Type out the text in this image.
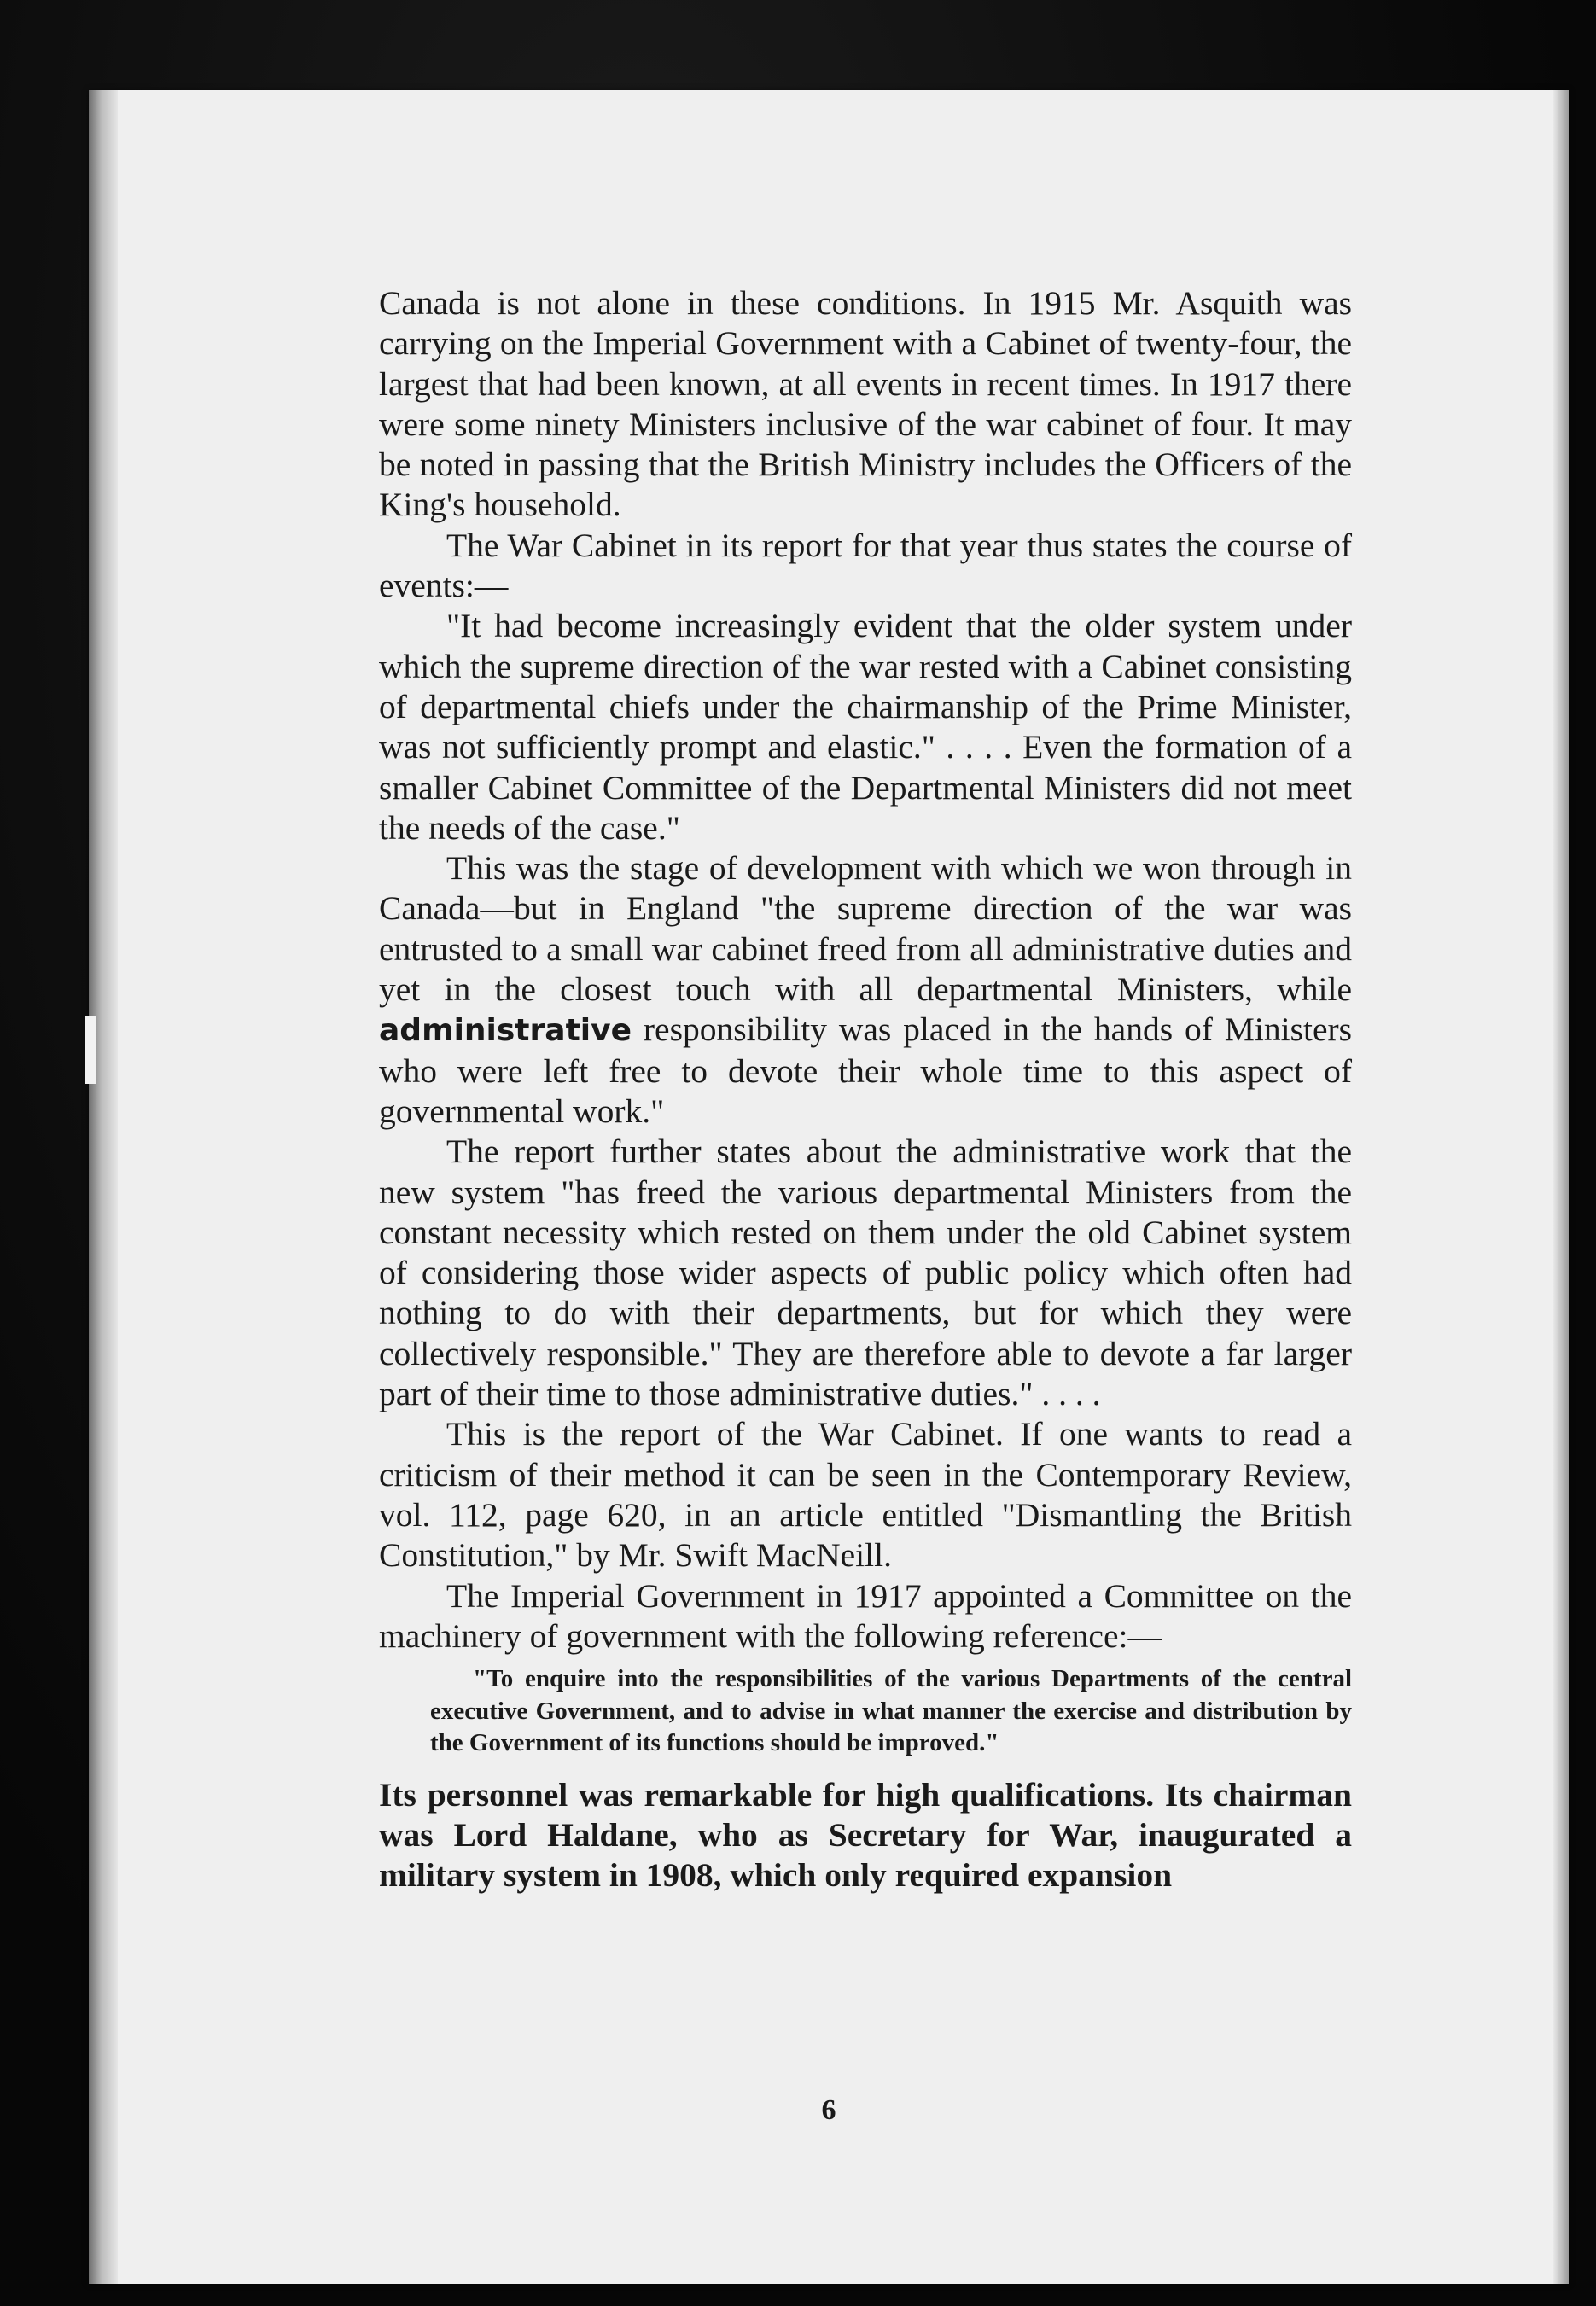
Canada is not alone in these conditions. In 1915 Mr. Asquith was carrying on the Imperial Government with a Cabinet of twenty-four, the largest that had been known, at all events in recent times. In 1917 there were some ninety Ministers inclusive of the war cabinet of four. It may be noted in passing that the British Ministry includes the Officers of the King's household.

The War Cabinet in its report for that year thus states the course of events:—

"It had become increasingly evident that the older system under which the supreme direction of the war rested with a Cabinet consisting of departmental chiefs under the chairmanship of the Prime Minister, was not sufficiently prompt and elastic." . . . . Even the formation of a smaller Cabinet Committee of the Departmental Ministers did not meet the needs of the case."

This was the stage of development with which we won through in Canada—but in England "the supreme direction of the war was entrusted to a small war cabinet freed from all administrative duties and yet in the closest touch with all departmental Ministers, while administrative responsibility was placed in the hands of Ministers who were left free to devote their whole time to this aspect of governmental work."

The report further states about the administrative work that the new system "has freed the various departmental Ministers from the constant necessity which rested on them under the old Cabinet system of considering those wider aspects of public policy which often had nothing to do with their departments, but for which they were collectively responsible." They are therefore able to devote a far larger part of their time to those administrative duties." . . . .

This is the report of the War Cabinet. If one wants to read a criticism of their method it can be seen in the Contemporary Review, vol. 112, page 620, in an article entitled "Dismantling the British Constitution," by Mr. Swift MacNeill.

The Imperial Government in 1917 appointed a Committee on the machinery of government with the following reference:—

"To enquire into the responsibilities of the various Departments of the central executive Government, and to advise in what manner the exercise and distribution by the Government of its functions should be improved."

Its personnel was remarkable for high qualifications. Its chairman was Lord Haldane, who as Secretary for War, inaugurated a military system in 1908, which only required expansion

6
